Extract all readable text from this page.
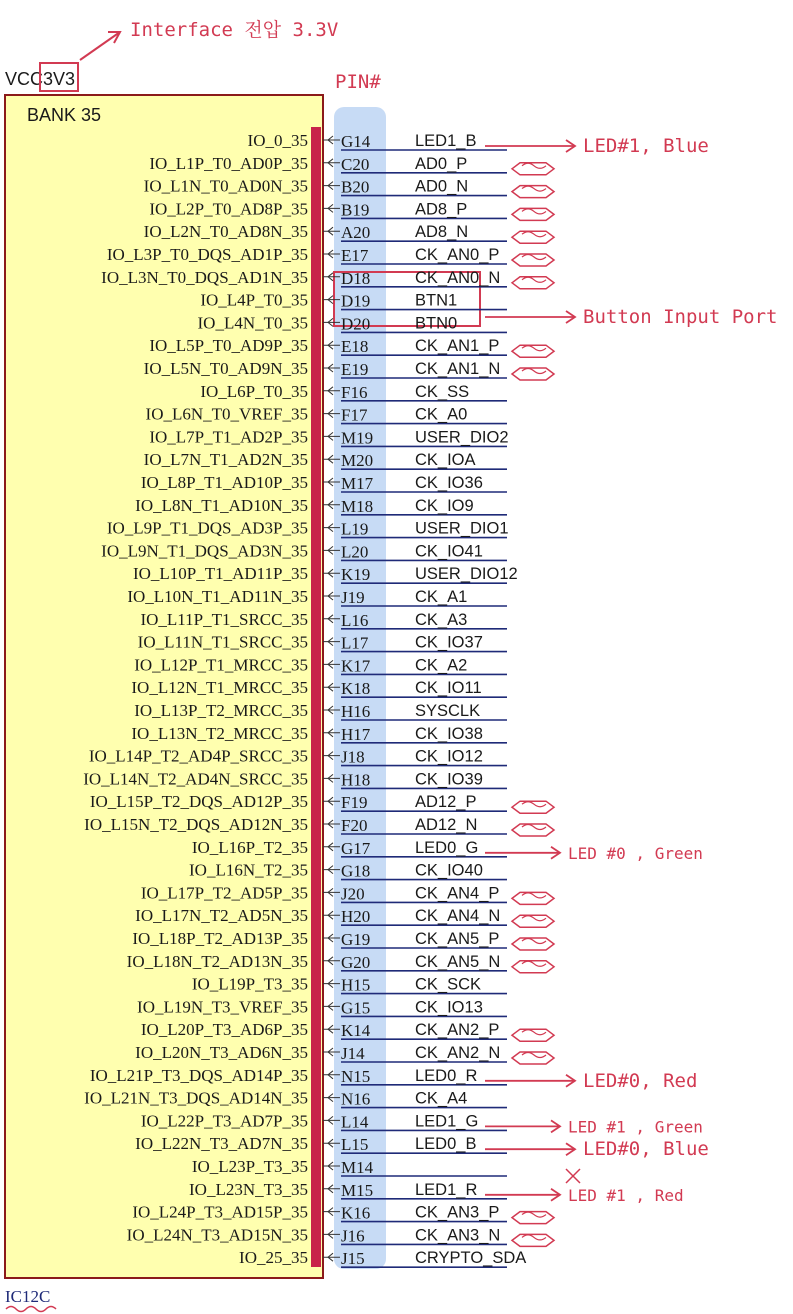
Interface 전압 3.3V
VCC3V3	PIN#
BANK 35
IC12C
IO_0_35 G14	LED1_B
IO_L1P_T0_AD0P_35 C20	AD0_P
IO_L1N_T0_AD0N_35 B20	AD0_N
IO_L2P_T0_AD8P_35 B19	AD8_P
IO_L2N_T0_AD8N_35 A20	AD8_N
IO_L3P_T0_DQS_AD1P_35 E17	CK_AN0_P
IO_L3N_T0_DQS_AD1N_35 D18	CK_AN0_N
IO_L4P_T0_35 D19	BTN1
IO_L4N_T0_35 D20	BTN0
IO_L5P_T0_AD9P_35 E18	CK_AN1_P
IO_L5N_T0_AD9N_35 E19	CK_AN1_N
IO_L6P_T0_35 F16	CK_SS
IO_L6N_T0_VREF_35 F17	CK_A0
IO_L7P_T1_AD2P_35 M19	USER_DIO2
IO_L7N_T1_AD2N_35 M20	CK_IOA
IO_L8P_T1_AD10P_35 M17	CK_IO36
IO_L8N_T1_AD10N_35 M18	CK_IO9
IO_L9P_T1_DQS_AD3P_35 L19	USER_DIO1
IO_L9N_T1_DQS_AD3N_35 L20	CK_IO41
IO_L10P_T1_AD11P_35 K19	USER_DIO12
IO_L10N_T1_AD11N_35 J19	CK_A1
IO_L11P_T1_SRCC_35 L16	CK_A3
IO_L11N_T1_SRCC_35 L17	CK_IO37
IO_L12P_T1_MRCC_35 K17	CK_A2
IO_L12N_T1_MRCC_35 K18	CK_IO11
IO_L13P_T2_MRCC_35 H16	SYSCLK
IO_L13N_T2_MRCC_35 H17	CK_IO38
IO_L14P_T2_AD4P_SRCC_35 J18	CK_IO12
IO_L14N_T2_AD4N_SRCC_35 H18	CK_IO39
IO_L15P_T2_DQS_AD12P_35 F19	AD12_P
IO_L15N_T2_DQS_AD12N_35 F20	AD12_N
IO_L16P_T2_35 G17	LED0_G
IO_L16N_T2_35 G18	CK_IO40
IO_L17P_T2_AD5P_35 J20	CK_AN4_P
IO_L17N_T2_AD5N_35 H20	CK_AN4_N
IO_L18P_T2_AD13P_35 G19	CK_AN5_P
IO_L18N_T2_AD13N_35 G20	CK_AN5_N
IO_L19P_T3_35 H15	CK_SCK
IO_L19N_T3_VREF_35 G15	CK_IO13
IO_L20P_T3_AD6P_35 K14	CK_AN2_P
IO_L20N_T3_AD6N_35 J14	CK_AN2_N
IO_L21P_T3_DQS_AD14P_35 N15	LED0_R
IO_L21N_T3_DQS_AD14N_35 N16	CK_A4
IO_L22P_T3_AD7P_35 L14	LED1_G
IO_L22N_T3_AD7N_35 L15	LED0_B
IO_L23P_T3_35 M14
IO_L23N_T3_35 M15	LED1_R
IO_L24P_T3_AD15P_35 K16	CK_AN3_P
IO_L24N_T3_AD15N_35 J16	CK_AN3_N
IO_25_35 J15	CRYPTO_SDA
LED#1, Blue
Button Input Port
LED #0 , Green
LED#0, Red
LED #1 , Green
LED#0, Blue
LED #1 , Red
